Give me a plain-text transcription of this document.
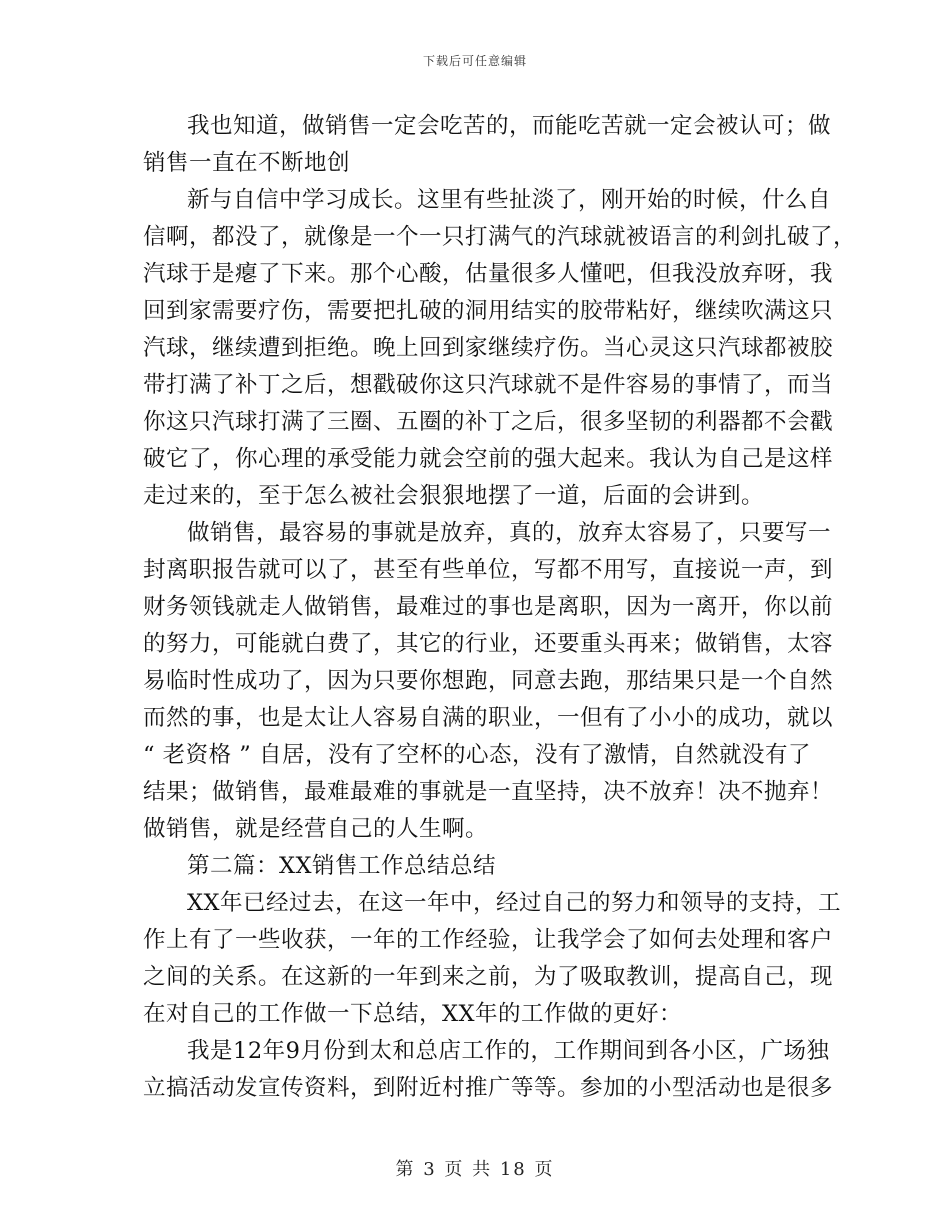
下载后可任意编辑
我也知道，做销售一定会吃苦的，而能吃苦就一定会被认可；做
销售一直在不断地创
新与自信中学习成长。这里有些扯淡了，刚开始的时候，什么自
信啊，都没了，就像是一个一只打满气的汽球就被语言的利剑扎破了，
汽球于是瘪了下来。那个心酸，估量很多人懂吧，但我没放弃呀，我
回到家需要疗伤，需要把扎破的洞用结实的胶带粘好，继续吹满这只
汽球，继续遭到拒绝。晚上回到家继续疗伤。当心灵这只汽球都被胶
带打满了补丁之后，想戳破你这只汽球就不是件容易的事情了，而当
你这只汽球打满了三圈、五圈的补丁之后，很多坚韧的利器都不会戳
破它了，你心理的承受能力就会空前的强大起来。我认为自己是这样
走过来的，至于怎么被社会狠狠地摆了一道，后面的会讲到。
做销售，最容易的事就是放弃，真的，放弃太容易了，只要写一
封离职报告就可以了，甚至有些单位，写都不用写，直接说一声，到
财务领钱就走人做销售，最难过的事也是离职，因为一离开，你以前
的努力，可能就白费了，其它的行业，还要重头再来；做销售，太容
易临时性成功了，因为只要你想跑，同意去跑，那结果只是一个自然
而然的事，也是太让人容易自满的职业，一但有了小小的成功，就以
“ 老资格 ” 自居，没有了空杯的心态，没有了激情，自然就没有了
结果；做销售，最难最难的事就是一直坚持，决不放弃！决不抛弃！
做销售，就是经营自己的人生啊。
第二篇：XX销售工作总结总结
XX年已经过去，在这一年中，经过自己的努力和领导的支持，工
作上有了一些收获，一年的工作经验，让我学会了如何去处理和客户
之间的关系。在这新的一年到来之前，为了吸取教训，提高自己，现
在对自己的工作做一下总结，XX年的工作做的更好：
我是12年9月份到太和总店工作的，工作期间到各小区，广场独
立搞活动发宣传资料，到附近村推广等等。参加的小型活动也是很多
第 3 页 共 18 页
